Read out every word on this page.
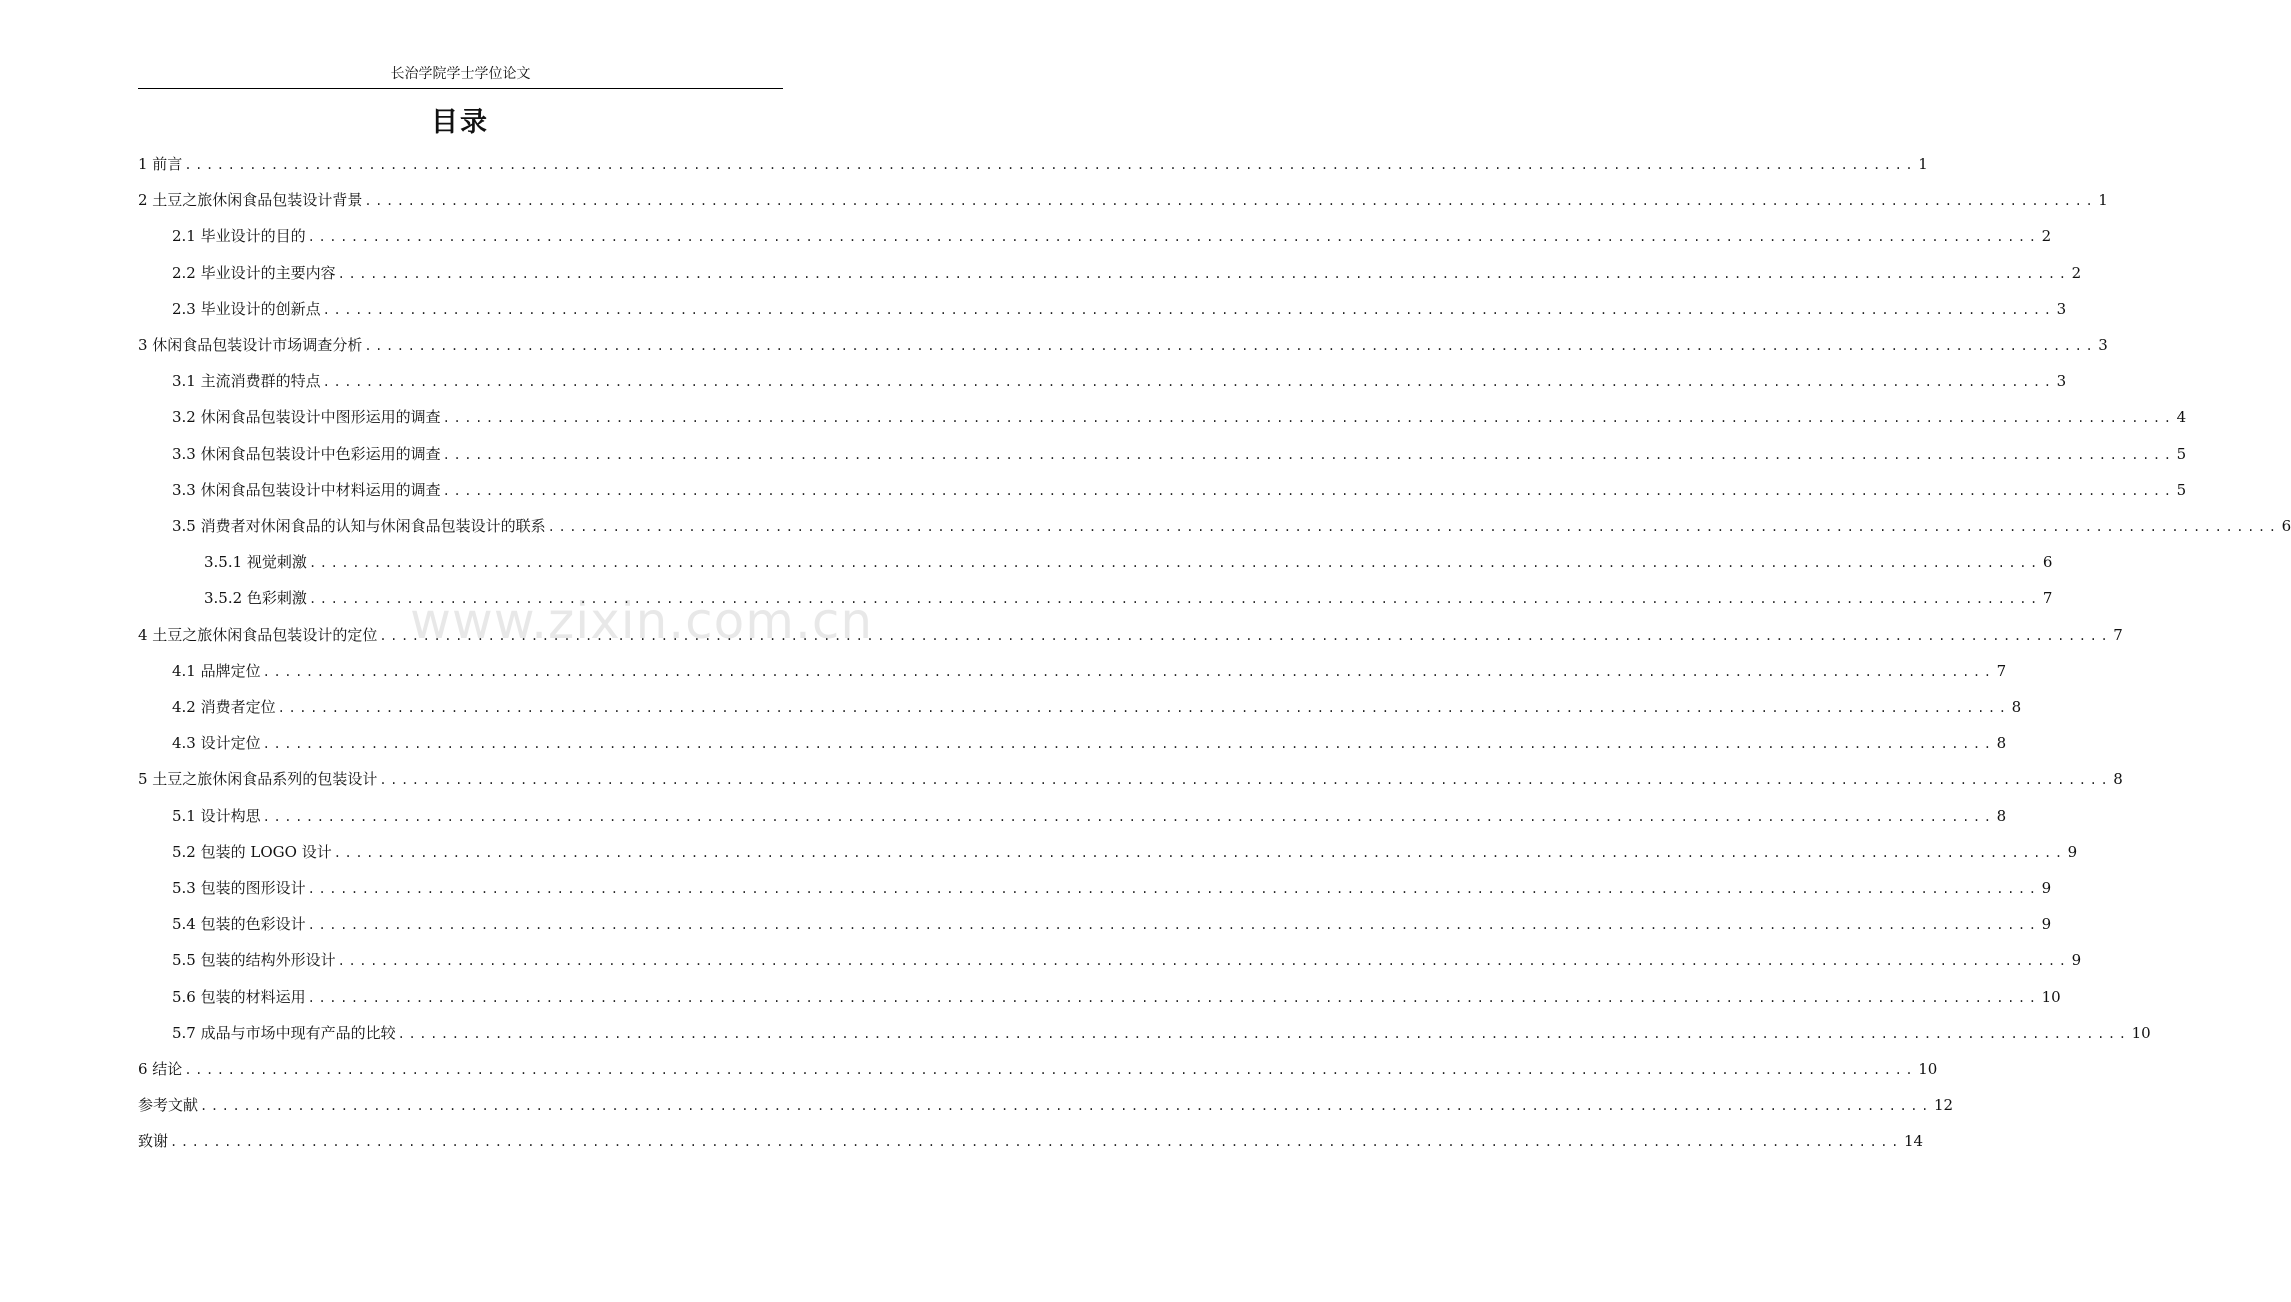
长治学院学士学位论文
目录
www.zixin.com.cn
1 前言 ................................................................................................................................................................ 1
2 土豆之旅休闲食品包装设计背景 ................................................................................................................................................................ 1
2.1 毕业设计的目的 ................................................................................................................................................................ 2
2.2 毕业设计的主要内容 ................................................................................................................................................................ 2
2.3 毕业设计的创新点 ................................................................................................................................................................ 3
3 休闲食品包装设计市场调查分析 ................................................................................................................................................................ 3
3.1 主流消费群的特点 ................................................................................................................................................................ 3
3.2 休闲食品包装设计中图形运用的调查 ................................................................................................................................................................ 4
3.3 休闲食品包装设计中色彩运用的调查 ................................................................................................................................................................ 5
3.3 休闲食品包装设计中材料运用的调查 ................................................................................................................................................................ 5
3.5 消费者对休闲食品的认知与休闲食品包装设计的联系 ................................................................................................................................................................ 6
3.5.1 视觉刺激 ................................................................................................................................................................ 6
3.5.2 色彩刺激 ................................................................................................................................................................ 7
4 土豆之旅休闲食品包装设计的定位 ................................................................................................................................................................ 7
4.1 品牌定位 ................................................................................................................................................................ 7
4.2 消费者定位 ................................................................................................................................................................ 8
4.3 设计定位 ................................................................................................................................................................ 8
5 土豆之旅休闲食品系列的包装设计 ................................................................................................................................................................ 8
5.1 设计构思 ................................................................................................................................................................ 8
5.2 包装的 LOGO 设计 ................................................................................................................................................................ 9
5.3 包装的图形设计 ................................................................................................................................................................ 9
5.4 包装的色彩设计 ................................................................................................................................................................ 9
5.5 包装的结构外形设计 ................................................................................................................................................................ 9
5.6 包装的材料运用 ................................................................................................................................................................ 10
5.7 成品与市场中现有产品的比较 ................................................................................................................................................................ 10
6 结论 ................................................................................................................................................................ 10
参考文献 ................................................................................................................................................................ 12
致谢 ................................................................................................................................................................ 14
